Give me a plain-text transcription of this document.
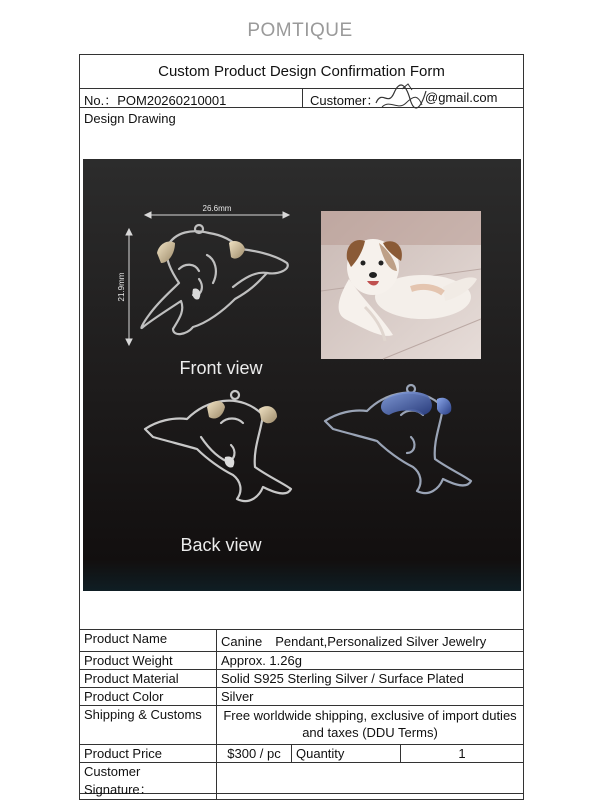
POMTIQUE
Custom Product Design Confirmation Form
No.：POM20260210001	Customer：	@gmail.com
Design Drawing
26.6mm
21.9mm
Front view
Back view
Product Name	Canine　Pendant,Personalized Silver Jewelry		
Product Weight	Approx. 1.26g		
Product Material	Solid S925 Sterling Silver / Surface Plated		
Product Color	Silver		
Shipping & Customs	Free worldwide shipping, exclusive of import duties and taxes (DDU Terms)		
Product Price	$300 / pc	Quantity	1
Customer Signature：			
